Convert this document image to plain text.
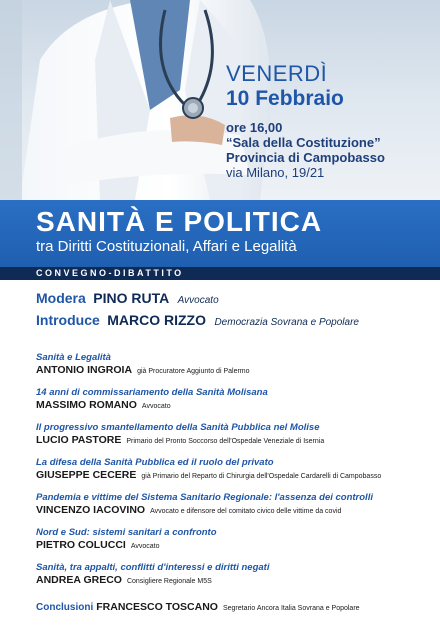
VENERDÌ
10 Febbraio
ore 16,00
“Sala della Costituzione”
Provincia di Campobasso
via Milano, 19/21
SANITÀ E POLITICA
tra Diritti Costituzionali, Affari e Legalità
CONVEGNO-DIBATTITO
Modera PINO RUTA Avvocato
Introduce MARCO RIZZO Democrazia Sovrana e Popolare
Sanità e Legalità
ANTONIO INGROIA già Procuratore Aggiunto di Palermo
14 anni di commissariamento della Sanità Molisana
MASSIMO ROMANO Avvocato
Il progressivo smantellamento della Sanità Pubblica nel Molise
LUCIO PASTORE Primario del Pronto Soccorso dell'Ospedale Veneziale di Isernia
La difesa della Sanità Pubblica ed il ruolo del privato
GIUSEPPE CECERE già Primario del Reparto di Chirurgia dell'Ospedale Cardarelli di Campobasso
Pandemia e vittime del Sistema Sanitario Regionale: l'assenza dei controlli
VINCENZO IACOVINO Avvocato e difensore del comitato civico delle vittime da covid
Nord e Sud: sistemi sanitari a confronto
PIETRO COLUCCI Avvocato
Sanità, tra appalti, conflitti d'interessi e diritti negati
ANDREA GRECO Consigliere Regionale M5S
Conclusioni FRANCESCO TOSCANO Segretario Ancora Italia Sovrana e Popolare
